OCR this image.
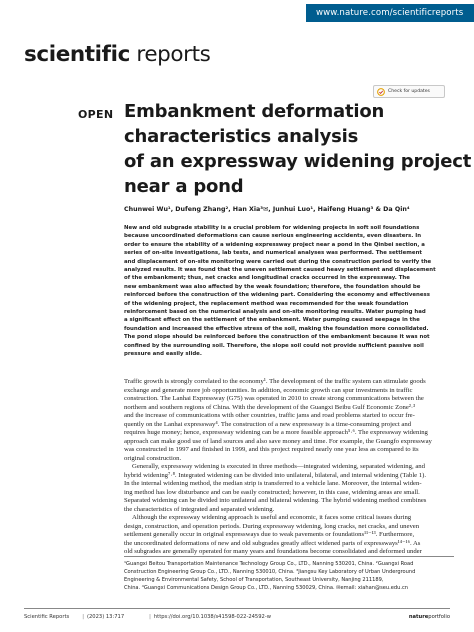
www.nature.com/scientificreports
scientific reports
Check for updates
OPEN Embankment deformation
characteristics analysis
of an expressway widening project
near a pond
Chunwei Wu¹, Dufeng Zhang², Han Xia³✉, Junhui Luo¹, Haifeng Huang³ & Da Qin⁴
New and old subgrade stability is a crucial problem for widening projects in soft soil foundations
because uncoordinated deformations can cause serious engineering accidents, even disasters. In
order to ensure the stability of a widening expressway project near a pond in the Qinbei section, a
series of on-site investigations, lab tests, and numerical analyses was performed. The settlement
and displacement of on-site monitoring were carried out during the construction period to verify the
analyzed results. It was found that the uneven settlement caused heavy settlement and displacement
of the embankment; thus, net cracks and longitudinal cracks occurred in the expressway. The
new embankment was also affected by the weak foundation; therefore, the foundation should be
reinforced before the construction of the widening part. Considering the economy and effectiveness
of the widening project, the replacement method was recommended for the weak foundation
reinforcement based on the numerical analysis and on-site monitoring results. Water pumping had
a significant effect on the settlement of the embankment. Water pumping caused seepage in the
foundation and increased the effective stress of the soil, making the foundation more consolidated.
The pond slope should be reinforced before the construction of the embankment because it was not
confined by the surrounding soil. Therefore, the slope soil could not provide sufficient passive soil
pressure and easily slide.
Traffic growth is strongly correlated to the economy¹. The development of the traffic system can stimulate goods
exchange and generate more job opportunities. In addition, economic growth can spur investments in traffic
construction. The Lanhai Expressway (G75) was operated in 2010 to create strong communications between the
northern and southern regions of China. With the development of the Guangxi Beibu Gulf Economic Zone²·³
and the increase of communications with other countries, traffic jams and road problems started to occur fre-
quently on the Lanhai expressway⁴. The construction of a new expressway is a time-consuming project and
requires huge money; hence, expressway widening can be a more feasible approach⁵·⁶. The expressway widening
approach can make good use of land sources and also save money and time. For example, the Guangfo expressway
was constructed in 1997 and finished in 1999, and this project required nearly one year less as compared to its
original construction.
Generally, expressway widening is executed in three methods—integrated widening, separated widening, and
hybrid widening⁷·⁸. Integrated widening can be divided into unilateral, bilateral, and internal widening (Table 1).
In the internal widening method, the median strip is transferred to a vehicle lane. Moreover, the internal widen-
ing method has low disturbance and can be easily constructed; however, in this case, widening areas are small.
Separated widening can be divided into unilateral and bilateral widening. The hybrid widening method combines
the characteristics of integrated and separated widening.
Although the expressway widening approach is useful and economic, it faces some critical issues during
design, construction, and operation periods. During expressway widening, long cracks, net cracks, and uneven
settlement generally occur in original expressways due to weak pavements or foundations¹¹⁻¹³. Furthermore,
the uncoordinated deformations of new and old subgrades greatly affect widened parts of expressways¹⁴⁻¹⁶. As
old subgrades are generally operated for many years and foundations become consolidated and deformed under
¹Guangxi Beitou Transportation Maintenance Technology Group Co., LTD., Nanning 530201, China. ²Guangxi Road
Construction Engineering Group Co., LTD., Nanning 530010, China. ³Jiangsu Key Laboratory of Urban Underground
Engineering & Environmental Safety, School of Transportation, Southeast University, Nanjing 211189,
China. ⁴Guangxi Communications Design Group Co., LTD., Nanning 530029, China. ✉email: xiahan@seu.edu.cn
Scientific Reports	| (2023) 13:717	| https://doi.org/10.1038/s41598-022-24592-w	natureportfolio
